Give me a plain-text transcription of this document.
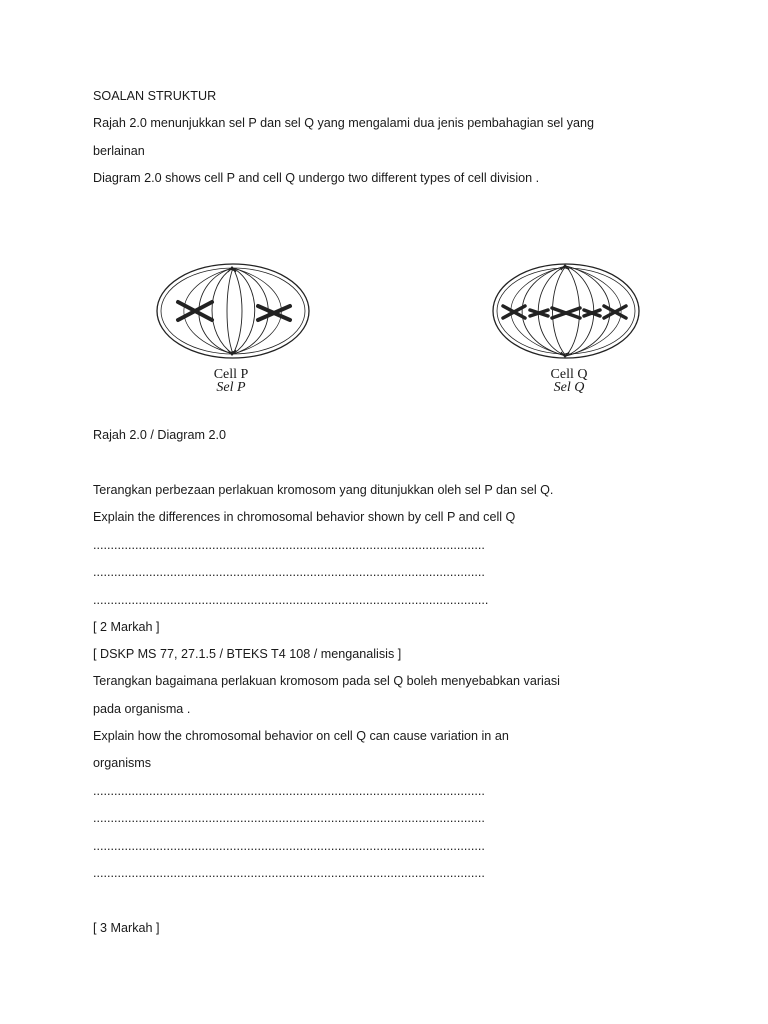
SOALAN STRUKTUR
Rajah 2.0 menunjukkan sel P dan sel Q yang mengalami dua jenis pembahagian sel yang
berlainan
Diagram 2.0 shows cell P and cell Q undergo two different types of cell division .
Cell P
Sel P
Cell Q
Sel Q
Rajah 2.0 / Diagram 2.0
Terangkan perbezaan perlakuan kromosom yang ditunjukkan oleh sel P dan sel Q.
Explain the differences in chromosomal behavior shown by cell P and cell Q
................................................................................................................
................................................................................................................
.................................................................................................................
[ 2 Markah ]
[ DSKP MS 77, 27.1.5 / BTEKS T4 108 / menganalisis ]
Terangkan bagaimana perlakuan kromosom pada sel Q boleh menyebabkan variasi
pada organisma .
Explain how the chromosomal behavior on cell Q can cause variation in an
organisms
................................................................................................................
................................................................................................................
................................................................................................................
................................................................................................................
[ 3 Markah ]
